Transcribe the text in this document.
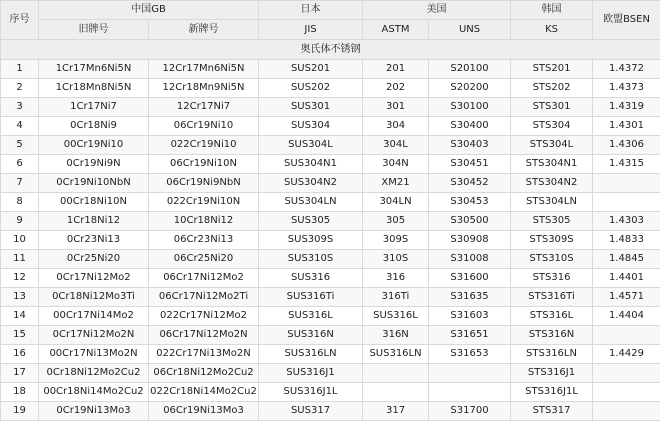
序号	中国GB		日本	美国		韩国	欧盟BSEN
	旧牌号	新牌号	JIS	ASTM	UNS	KS	
奥氏体不锈钢							
1	1Cr17Mn6Ni5N	12Cr17Mn6Ni5N	SUS201	201	S20100	STS201	1.4372
2	1Cr18Mn8Ni5N	12Cr18Mn9Ni5N	SUS202	202	S20200	STS202	1.4373
3	1Cr17Ni7	12Cr17Ni7	SUS301	301	S30100	STS301	1.4319
4	0Cr18Ni9	06Cr19Ni10	SUS304	304	S30400	STS304	1.4301
5	00Cr19Ni10	022Cr19Ni10	SUS304L	304L	S30403	STS304L	1.4306
6	0Cr19Ni9N	06Cr19Ni10N	SUS304N1	304N	S30451	STS304N1	1.4315
7	0Cr19Ni10NbN	06Cr19Ni9NbN	SUS304N2	XM21	S30452	STS304N2	
8	00Cr18Ni10N	022Cr19Ni10N	SUS304LN	304LN	S30453	STS304LN	
9	1Cr18Ni12	10Cr18Ni12	SUS305	305	S30500	STS305	1.4303
10	0Cr23Ni13	06Cr23Ni13	SUS309S	309S	S30908	STS309S	1.4833
11	0Cr25Ni20	06Cr25Ni20	SUS310S	310S	S31008	STS310S	1.4845
12	0Cr17Ni12Mo2	06Cr17Ni12Mo2	SUS316	316	S31600	STS316	1.4401
13	0Cr18Ni12Mo3Ti	06Cr17Ni12Mo2Ti	SUS316Ti	316Ti	S31635	STS316Ti	1.4571
14	00Cr17Ni14Mo2	022Cr17Ni12Mo2	SUS316L	SUS316L	S31603	STS316L	1.4404
15	0Cr17Ni12Mo2N	06Cr17Ni12Mo2N	SUS316N	316N	S31651	STS316N	
16	00Cr17Ni13Mo2N	022Cr17Ni13Mo2N	SUS316LN	SUS316LN	S31653	STS316LN	1.4429
17	0Cr18Ni12Mo2Cu2	06Cr18Ni12Mo2Cu2	SUS316J1			STS316J1	
18	00Cr18Ni14Mo2Cu2	022Cr18Ni14Mo2Cu2	SUS316J1L			STS316J1L	
19	0Cr19Ni13Mo3	06Cr19Ni13Mo3	SUS317	317	S31700	STS317	
